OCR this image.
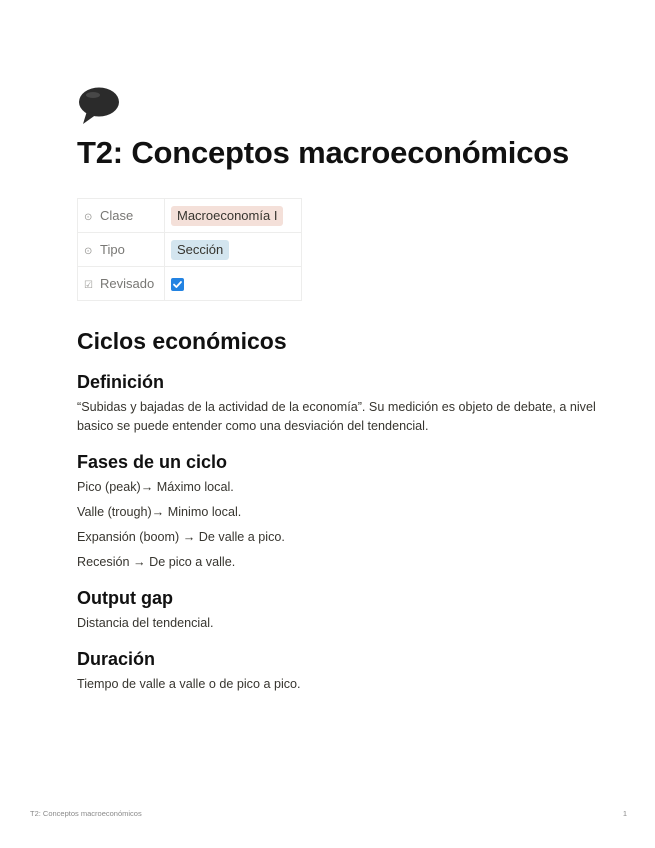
T2: Conceptos macroeconómicos
⊙ Clase	Macroeconomía I
⊙ Tipo	Sección
☑ Revisado	
Ciclos económicos
Definición

“Subidas y bajadas de la actividad de la economía”. Su medición es objeto de debate, a nivel basico se puede entender como una desviación del tendencial.

Fases de un ciclo

Pico (peak)→ Máximo local.

Valle (trough)→ Minimo local.

Expansión (boom) → De valle a pico.

Recesión → De pico a valle.

Output gap

Distancia del tendencial.

Duración

Tiempo de valle a valle o de pico a pico.

T2: Conceptos macroeconómicos	1
